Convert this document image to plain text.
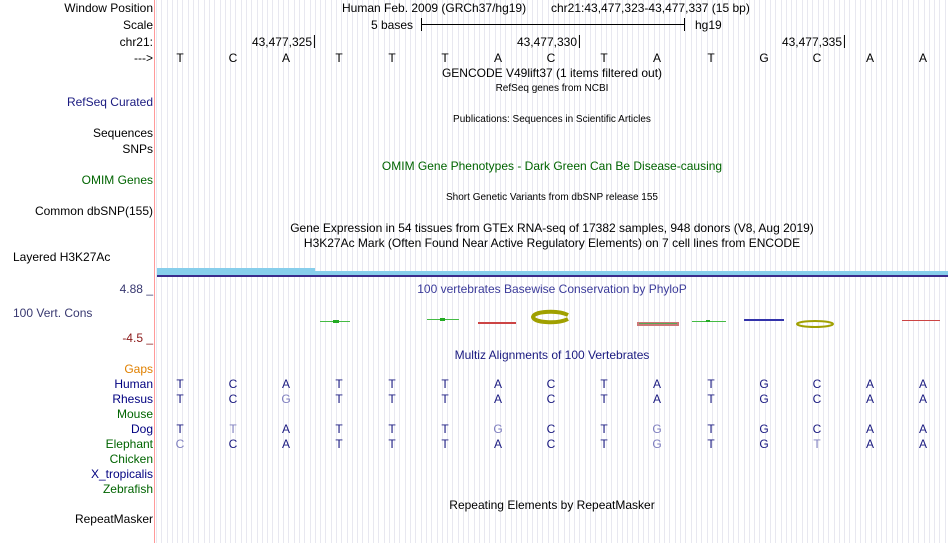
Window Position
Scale
chr21:
--->
Human Feb. 2009 (GRCh37/hg19) chr21:43,477,323-43,477,337 (15 bp)
5 bases	hg19
43,477,325	43,477,330	43,477,335
T	C	A	T	T	T	A	C	T	A	T	G	C	A	A
GENCODE V49lift37 (1 items filtered out)
RefSeq genes from NCBI
RefSeq Curated
Publications: Sequences in Scientific Articles
Sequences
SNPs
OMIM Gene Phenotypes - Dark Green Can Be Disease-causing
OMIM Genes
Short Genetic Variants from dbSNP release 155
Common dbSNP(155)
Gene Expression in 54 tissues from GTEx RNA-seq of 17382 samples, 948 donors (V8, Aug 2019)
H3K27Ac Mark (Often Found Near Active Regulatory Elements) on 7 cell lines from ENCODE
Layered H3K27Ac
100 vertebrates Basewise Conservation by PhyloP
4.88 _
100 Vert. Cons
-4.5 _
Multiz Alignments of 100 Vertebrates
Gaps
Human	T	C	A	T	T	T	A	C	T	A	T	G	C	A	A
Rhesus	T	C	G	T	T	T	A	C	T	A	T	G	C	A	A
Mouse
Dog	T	T	A	T	T	T	G	C	T	G	T	G	C	A	A
Elephant	C	C	A	T	T	T	A	C	T	G	T	G	T	A	A
Chicken
X_tropicalis
Zebrafish
Repeating Elements by RepeatMasker
RepeatMasker
